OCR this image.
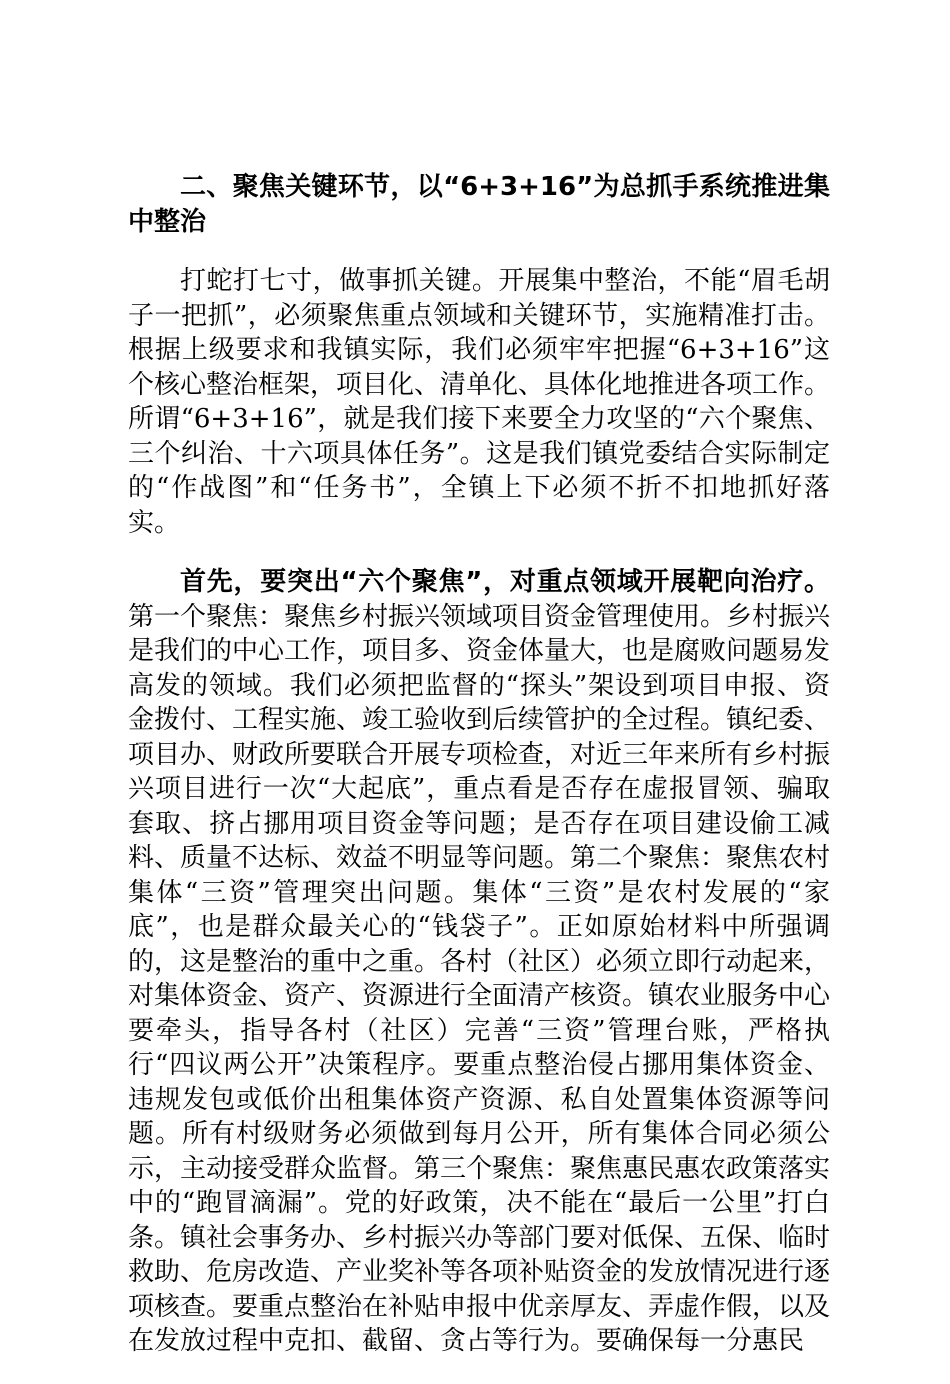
二、聚焦关键环节，以“6+3+16”为总抓手系统推进集中整治

打蛇打七寸，做事抓关键。开展集中整治，不能“眉毛胡子一把抓”，必须聚焦重点领域和关键环节，实施精准打击。根据上级要求和我镇实际，我们必须牢牢把握“6+3+16”这个核心整治框架，项目化、清单化、具体化地推进各项工作。所谓“6+3+16”，就是我们接下来要全力攻坚的“六个聚焦、三个纠治、十六项具体任务”。这是我们镇党委结合实际制定的“作战图”和“任务书”，全镇上下必须不折不扣地抓好落实。

首先，要突出“六个聚焦”，对重点领域开展靶向治疗。第一个聚焦：聚焦乡村振兴领域项目资金管理使用。乡村振兴是我们的中心工作，项目多、资金体量大，也是腐败问题易发高发的领域。我们必须把监督的“探头”架设到项目申报、资金拨付、工程实施、竣工验收到后续管护的全过程。镇纪委、项目办、财政所要联合开展专项检查，对近三年来所有乡村振兴项目进行一次“大起底”，重点看是否存在虚报冒领、骗取套取、挤占挪用项目资金等问题；是否存在项目建设偷工减料、质量不达标、效益不明显等问题。第二个聚焦：聚焦农村集体“三资”管理突出问题。集体“三资”是农村发展的“家底”，也是群众最关心的“钱袋子”。正如原始材料中所强调的，这是整治的重中之重。各村（社区）必须立即行动起来，对集体资金、资产、资源进行全面清产核资。镇农业服务中心要牵头，指导各村（社区）完善“三资”管理台账，严格执行“四议两公开”决策程序。要重点整治侵占挪用集体资金、违规发包或低价出租集体资产资源、私自处置集体资源等问题。所有村级财务必须做到每月公开，所有集体合同必须公示，主动接受群众监督。第三个聚焦：聚焦惠民惠农政策落实中的“跑冒滴漏”。党的好政策，决不能在“最后一公里”打白条。镇社会事务办、乡村振兴办等部门要对低保、五保、临时救助、危房改造、产业奖补等各项补贴资金的发放情况进行逐项核查。要重点整治在补贴申报中优亲厚友、弄虚作假，以及在发放过程中克扣、截留、贪占等行为。要确保每一分惠民
